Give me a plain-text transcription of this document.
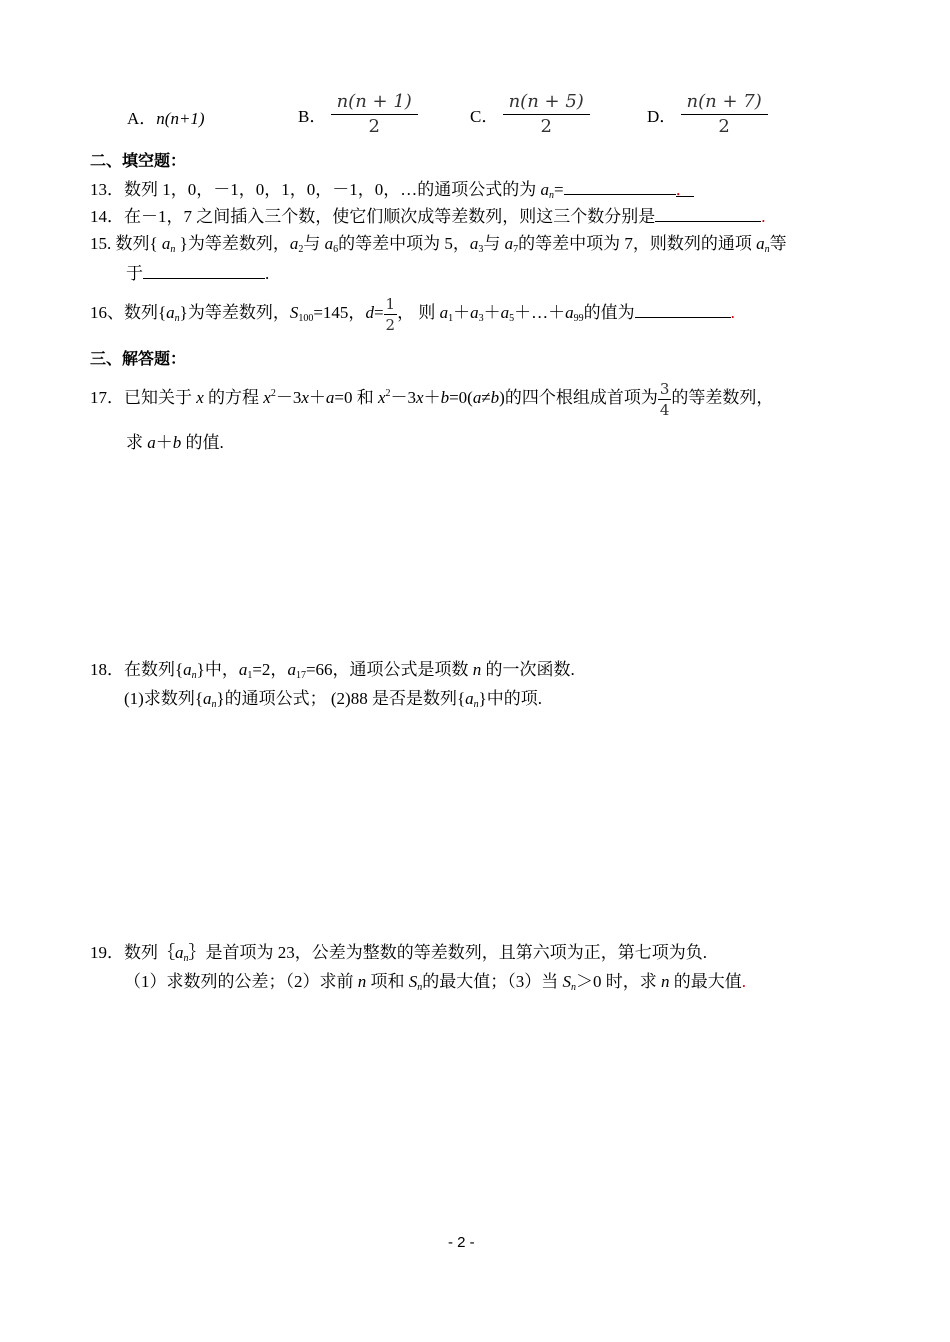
A．n(n+1)	B． $\frac{n(n + 1)}{2}$	C． $\frac{n(n + 5)}{2}$	D． $\frac{n(n + 7)}{2}$
二、填空题：
13．数列 1，0，－1，0，1，0，－1，0，…的通项公式的为 $a_n=$	．
14．在－1，7 之间插入三个数，使它们顺次成等差数列，则这三个数分别是	.
15. 数列{ $a_n$ }为等差数列，$a_2$与 $a_6$的等差中项为 5，$a_3$与 $a_7$的等差中项为 7，则数列的通项 $a_n$等
于	.
16、数列$\{a_n\}$为等差数列，$S_{100}=145$，$d= \frac{1}{2}$ ， 则 $a_1+a_3+a_5+\dots+a_{99}$的值为	.
三、解答题：
17．已知关于 x 的方程 $x^2-3x+a=0$ 和 $x^2-3x+b=0(a\ne b)$的四个根组成首项为 $\frac{3}{4}$ 的等差数列，
求 a＋b 的值.
18．在数列$\{a_n\}$中，$a_1=2$，$a_{17}=66$，通项公式是项数 n 的一次函数.
(1)求数列$\{a_n\}$的通项公式； (2)88 是否是数列$\{a_n\}$中的项.
19．数列$\{a_n\}$是首项为 23，公差为整数的等差数列，且第六项为正，第七项为负.
（1）求数列的公差；（2）求前 n 项和 $S_n$的最大值；（3）当 $S_n>0$ 时，求 n 的最大值.
- 2 -
